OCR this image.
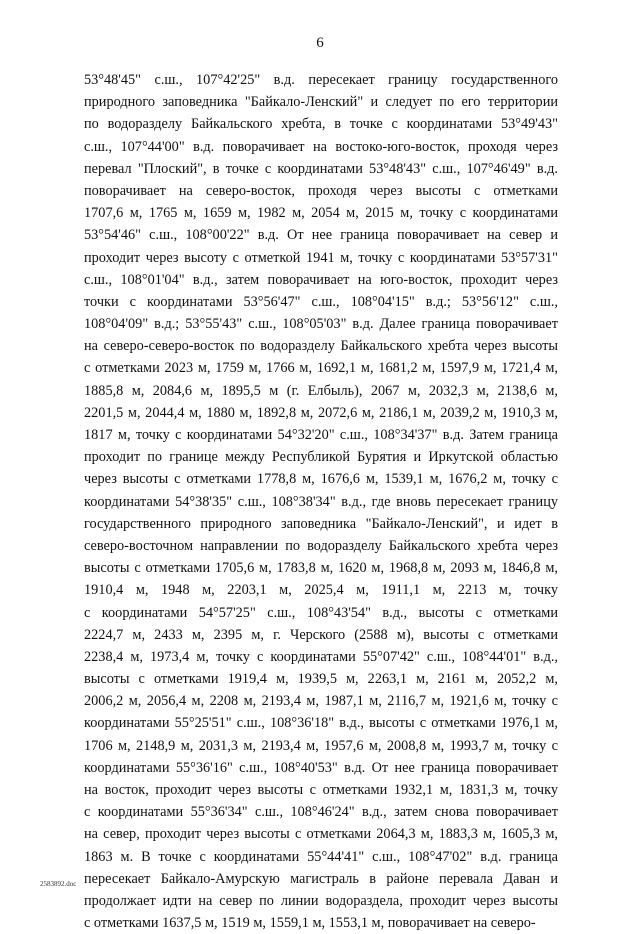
6
53°48'45" с.ш., 107°42'25" в.д. пересекает границу государственного
природного заповедника "Байкало-Ленский" и следует по его территории
по водоразделу Байкальского хребта, в точке с координатами 53°49'43"
с.ш., 107°44'00" в.д. поворачивает на востоко-юго-восток, проходя через
перевал "Плоский", в точке с координатами 53°48'43" с.ш., 107°46'49" в.д.
поворачивает на северо-восток, проходя через высоты с отметками
1707,6 м, 1765 м, 1659 м, 1982 м, 2054 м, 2015 м, точку с координатами
53°54'46" с.ш., 108°00'22" в.д. От нее граница поворачивает на север и
проходит через высоту с отметкой 1941 м, точку с координатами 53°57'31"
с.ш., 108°01'04" в.д., затем поворачивает на юго-восток, проходит через
точки с координатами 53°56'47" с.ш., 108°04'15" в.д.; 53°56'12" с.ш.,
108°04'09" в.д.; 53°55'43" с.ш., 108°05'03" в.д. Далее граница поворачивает
на северо-северо-восток по водоразделу Байкальского хребта через высоты
с отметками 2023 м, 1759 м, 1766 м, 1692,1 м, 1681,2 м, 1597,9 м, 1721,4 м,
1885,8 м, 2084,6 м, 1895,5 м (г. Елбыль), 2067 м, 2032,3 м, 2138,6 м,
2201,5 м, 2044,4 м, 1880 м, 1892,8 м, 2072,6 м, 2186,1 м, 2039,2 м, 1910,3 м,
1817 м, точку с координатами 54°32'20" с.ш., 108°34'37" в.д. Затем граница
проходит по границе между Республикой Бурятия и Иркутской областью
через высоты с отметками 1778,8 м, 1676,6 м, 1539,1 м, 1676,2 м, точку с
координатами 54°38'35" с.ш., 108°38'34" в.д., где вновь пересекает границу
государственного природного заповедника "Байкало-Ленский", и идет в
северо-восточном направлении по водоразделу Байкальского хребта через
высоты с отметками 1705,6 м, 1783,8 м, 1620 м, 1968,8 м, 2093 м, 1846,8 м,
1910,4 м, 1948 м, 2203,1 м, 2025,4 м, 1911,1 м, 2213 м, точку
с координатами 54°57'25" с.ш., 108°43'54" в.д., высоты с отметками
2224,7 м, 2433 м, 2395 м, г. Черского (2588 м), высоты с отметками
2238,4 м, 1973,4 м, точку с координатами 55°07'42" с.ш., 108°44'01" в.д.,
высоты с отметками 1919,4 м, 1939,5 м, 2263,1 м, 2161 м, 2052,2 м,
2006,2 м, 2056,4 м, 2208 м, 2193,4 м, 1987,1 м, 2116,7 м, 1921,6 м, точку с
координатами 55°25'51" с.ш., 108°36'18" в.д., высоты с отметками 1976,1 м,
1706 м, 2148,9 м, 2031,3 м, 2193,4 м, 1957,6 м, 2008,8 м, 1993,7 м, точку с
координатами 55°36'16" с.ш., 108°40'53" в.д. От нее граница поворачивает
на восток, проходит через высоты с отметками 1932,1 м, 1831,3 м, точку
с координатами 55°36'34" с.ш., 108°46'24" в.д., затем снова поворачивает
на север, проходит через высоты с отметками 2064,3 м, 1883,3 м, 1605,3 м,
1863 м. В точке с координатами 55°44'41" с.ш., 108°47'02" в.д. граница
пересекает Байкало-Амурскую магистраль в районе перевала Даван и
продолжает идти на север по линии водораздела, проходит через высоты
с отметками 1637,5 м, 1519 м, 1559,1 м, 1553,1 м, поворачивает на северо-
2583892.doc
